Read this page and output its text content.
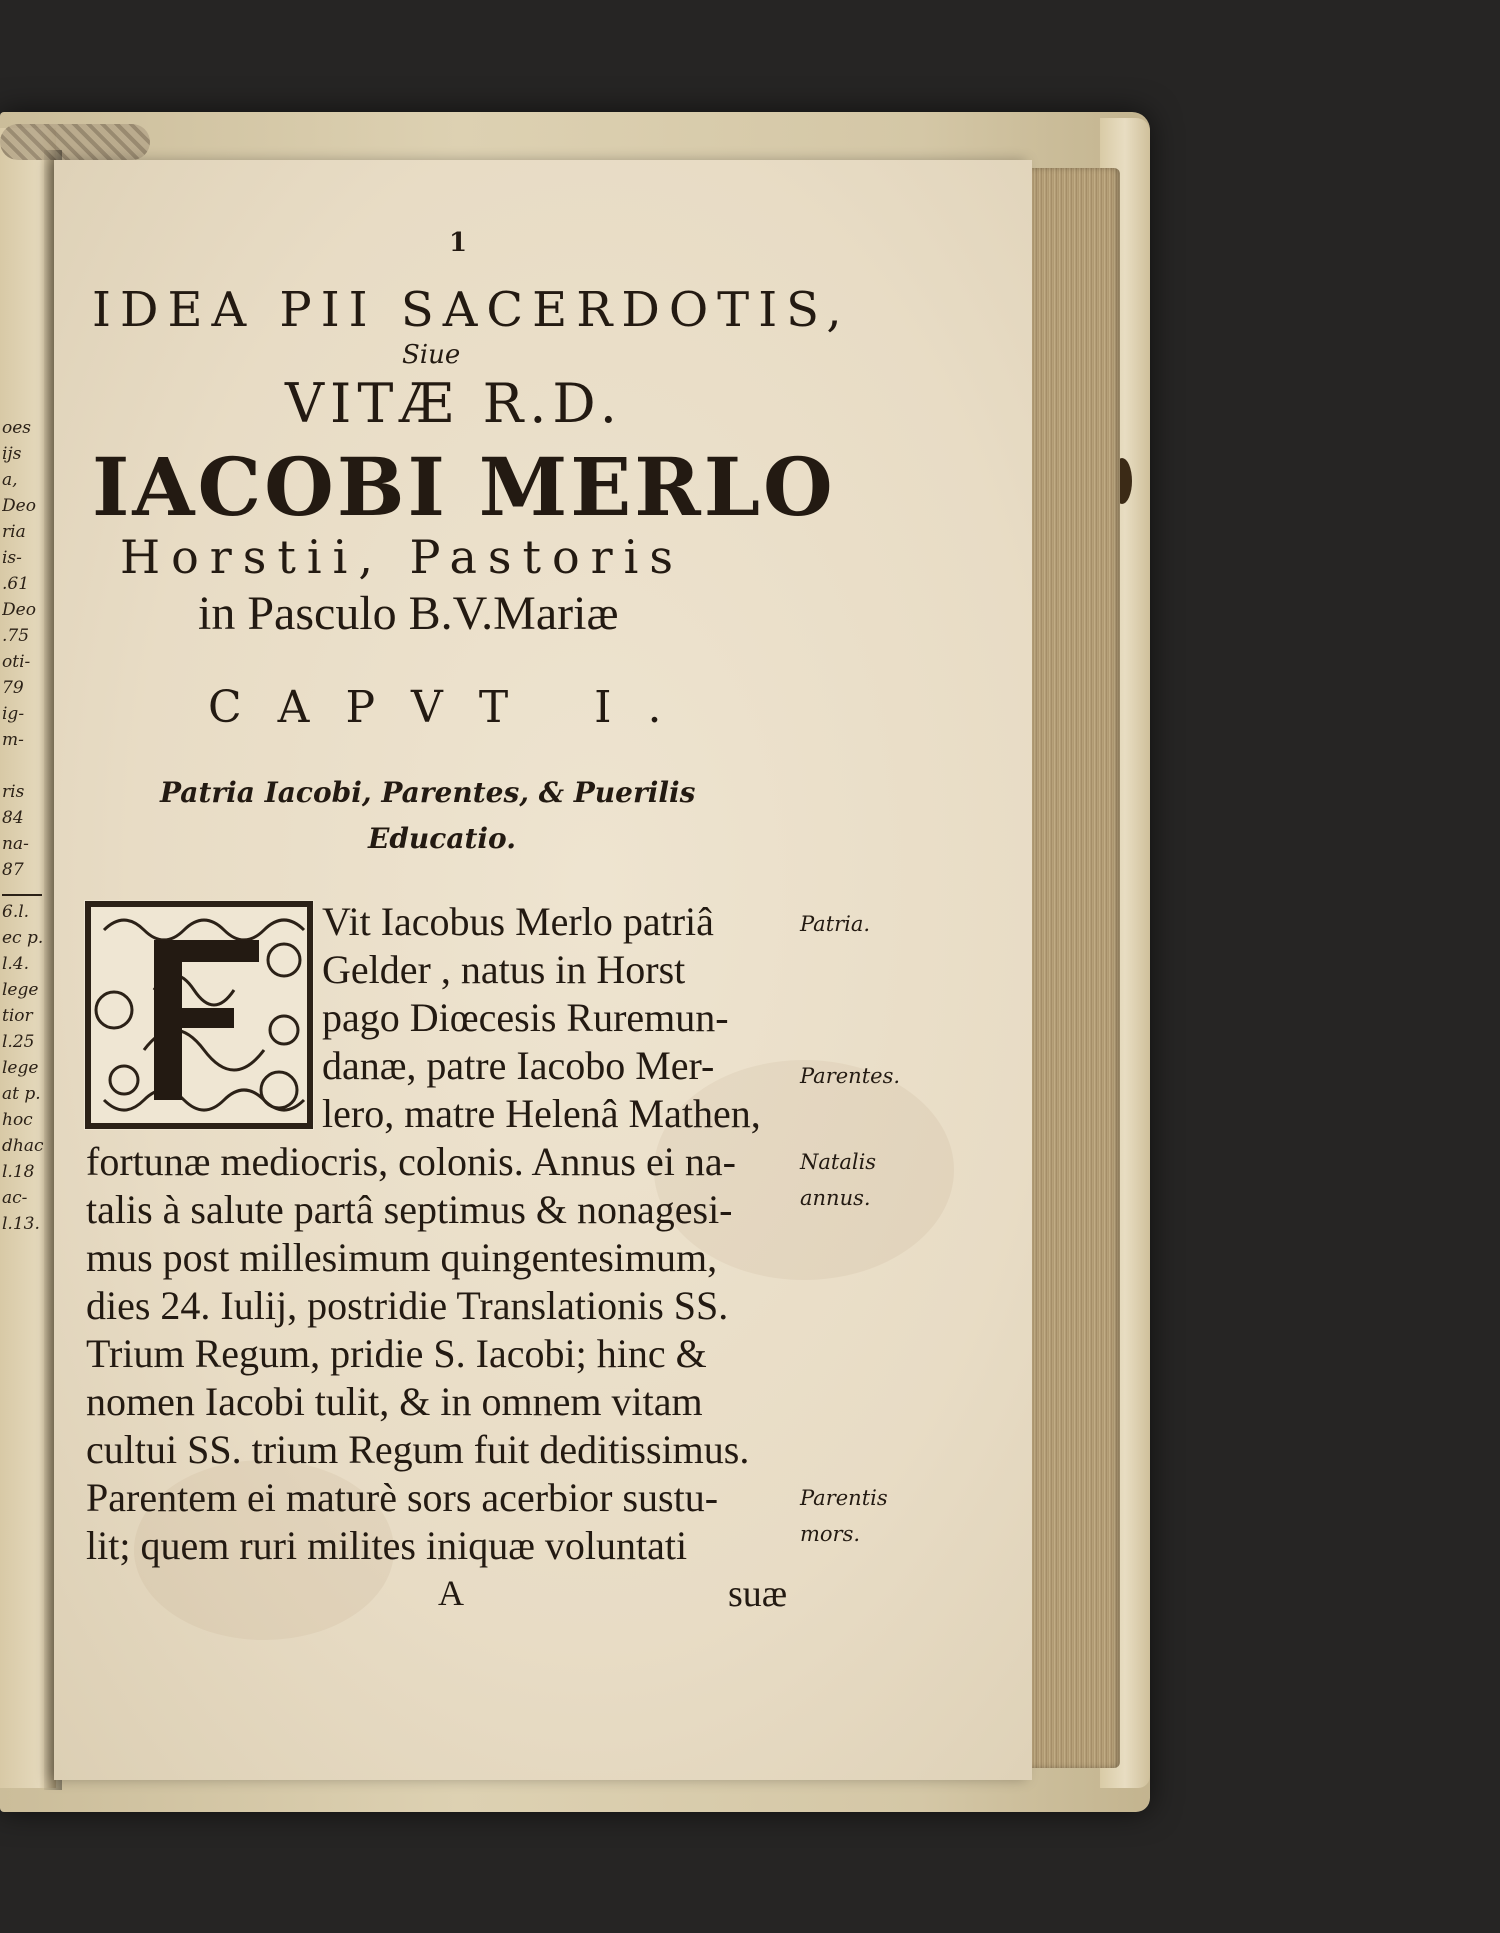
oes
ijs
a,
Deo
ria
is-
.61
Deo
.75
oti-
79
ig-
m-
ris
84
na-
87
6.l.
ec p.
l.4.
lege
tior
l.25
lege
at p.
hoc
dhac
l.18
ac-
l.13.
1
IDEA PII SACERDOTIS,
Siue
VITÆ R.D.
IACOBI MERLO
Horstii, Pastoris
in Pasculo B.V.Mariæ
CAPVT I.
Patria Iacobi, Parentes, & Puerilis
Educatio.
Vit Iacobus Merlo patriâ
Gelder , natus in Horst
pago Diœcesis Ruremun-
danæ, patre Iacobo Mer-
lero, matre Helenâ Mathen,
fortunæ mediocris, colonis. Annus ei na-
talis à salute partâ septimus & nonagesi-
mus post millesimum quingentesimum,
dies 24. Iulij, postridie Translationis SS.
Trium Regum, pridie S. Iacobi; hinc &
nomen Iacobi tulit, & in omnem vitam
cultui SS. trium Regum fuit deditissimus.
Parentem ei maturè sors acerbior sustu-
lit; quem ruri milites iniquæ voluntati
Patria.
Parentes.
Natalis
annus.
Parentis
mors.
A	suæ
